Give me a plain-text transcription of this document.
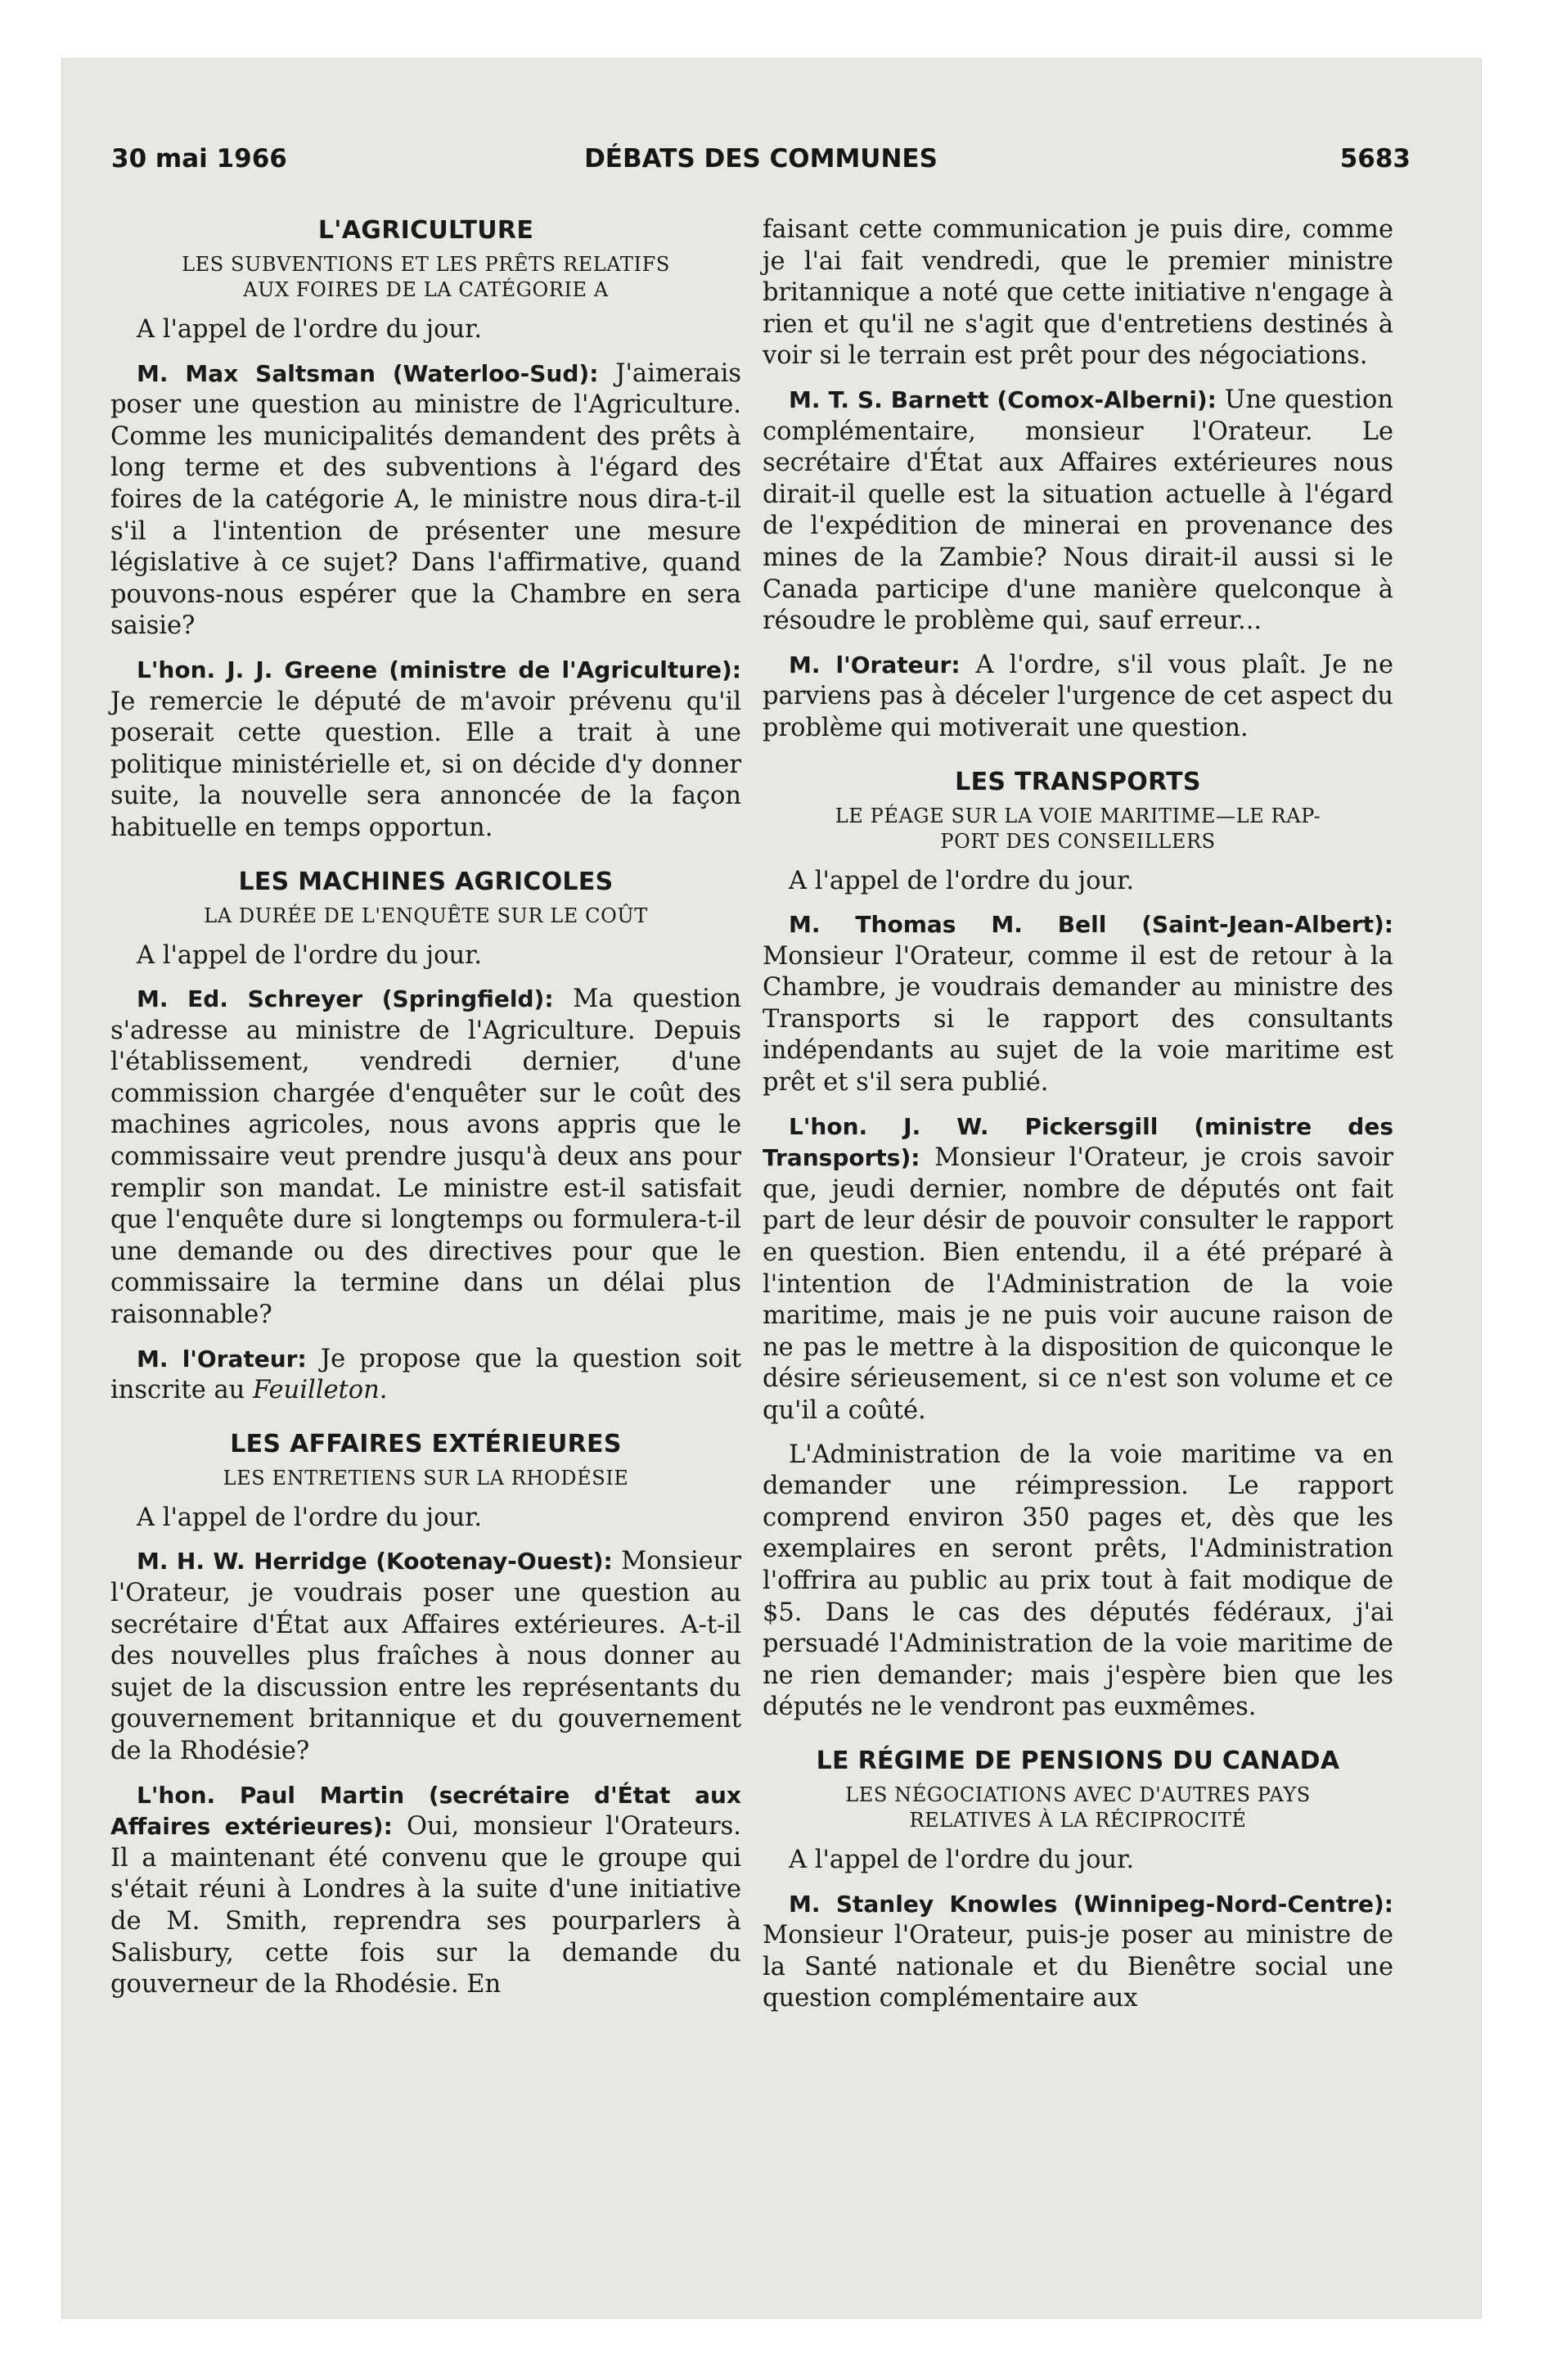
30 mai 1966	DÉBATS DES COMMUNES	5683
L'AGRICULTURE
LES SUBVENTIONS ET LES PRÊTS RELATIFS
AUX FOIRES DE LA CATÉGORIE A

A l'appel de l'ordre du jour.

M. Max Saltsman (Waterloo-Sud): J'aimerais poser une question au ministre de l'Agriculture. Comme les municipalités demandent des prêts à long terme et des subventions à l'égard des foires de la catégorie A, le ministre nous dira-t-il s'il a l'intention de présenter une mesure législative à ce sujet? Dans l'affirmative, quand pouvons-nous espérer que la Chambre en sera saisie?

L'hon. J. J. Greene (ministre de l'Agriculture): Je remercie le député de m'avoir prévenu qu'il poserait cette question. Elle a trait à une politique ministérielle et, si on décide d'y donner suite, la nouvelle sera annoncée de la façon habituelle en temps opportun.

LES MACHINES AGRICOLES
LA DURÉE DE L'ENQUÊTE SUR LE COÛT

A l'appel de l'ordre du jour.

M. Ed. Schreyer (Springfield): Ma question s'adresse au ministre de l'Agriculture. Depuis l'établissement, vendredi dernier, d'une commission chargée d'enquêter sur le coût des machines agricoles, nous avons appris que le commissaire veut prendre jusqu'à deux ans pour remplir son mandat. Le ministre est-il satisfait que l'enquête dure si longtemps ou formulera-t-il une demande ou des directives pour que le commissaire la termine dans un délai plus raisonnable?

M. l'Orateur: Je propose que la question soit inscrite au Feuilleton.

LES AFFAIRES EXTÉRIEURES
LES ENTRETIENS SUR LA RHODÉSIE

A l'appel de l'ordre du jour.

M. H. W. Herridge (Kootenay-Ouest): Monsieur l'Orateur, je voudrais poser une question au secrétaire d'État aux Affaires extérieures. A-t-il des nouvelles plus fraîches à nous donner au sujet de la discussion entre les représentants du gouvernement britannique et du gouvernement de la Rhodésie?

L'hon. Paul Martin (secrétaire d'État aux Affaires extérieures): Oui, monsieur l'Orateurs. Il a maintenant été convenu que le groupe qui s'était réuni à Londres à la suite d'une initiative de M. Smith, reprendra ses pourparlers à Salisbury, cette fois sur la demande du gouverneur de la Rhodésie. En

faisant cette communication je puis dire, comme je l'ai fait vendredi, que le premier ministre britannique a noté que cette initiative n'engage à rien et qu'il ne s'agit que d'entretiens destinés à voir si le terrain est prêt pour des négociations.

M. T. S. Barnett (Comox-Alberni): Une question complémentaire, monsieur l'Orateur. Le secrétaire d'État aux Affaires extérieures nous dirait-il quelle est la situation actuelle à l'égard de l'expédition de minerai en provenance des mines de la Zambie? Nous dirait-il aussi si le Canada participe d'une manière quelconque à résoudre le problème qui, sauf erreur...

M. l'Orateur: A l'ordre, s'il vous plaît. Je ne parviens pas à déceler l'urgence de cet aspect du problème qui motiverait une question.

LES TRANSPORTS
LE PÉAGE SUR LA VOIE MARITIME—LE RAP-
PORT DES CONSEILLERS

A l'appel de l'ordre du jour.

M. Thomas M. Bell (Saint-Jean-Albert): Monsieur l'Orateur, comme il est de retour à la Chambre, je voudrais demander au ministre des Transports si le rapport des consultants indépendants au sujet de la voie maritime est prêt et s'il sera publié.

L'hon. J. W. Pickersgill (ministre des Transports): Monsieur l'Orateur, je crois savoir que, jeudi dernier, nombre de députés ont fait part de leur désir de pouvoir consulter le rapport en question. Bien entendu, il a été préparé à l'intention de l'Administration de la voie maritime, mais je ne puis voir aucune raison de ne pas le mettre à la disposition de quiconque le désire sérieusement, si ce n'est son volume et ce qu'il a coûté.

L'Administration de la voie maritime va en demander une réimpression. Le rapport comprend environ 350 pages et, dès que les exemplaires en seront prêts, l'Administration l'offrira au public au prix tout à fait modique de $5. Dans le cas des députés fédéraux, j'ai persuadé l'Administration de la voie maritime de ne rien demander; mais j'espère bien que les députés ne le vendront pas euxmêmes.

LE RÉGIME DE PENSIONS DU CANADA
LES NÉGOCIATIONS AVEC D'AUTRES PAYS
RELATIVES À LA RÉCIPROCITÉ

A l'appel de l'ordre du jour.

M. Stanley Knowles (Winnipeg-Nord-Centre): Monsieur l'Orateur, puis-je poser au ministre de la Santé nationale et du Bienêtre social une question complémentaire aux
